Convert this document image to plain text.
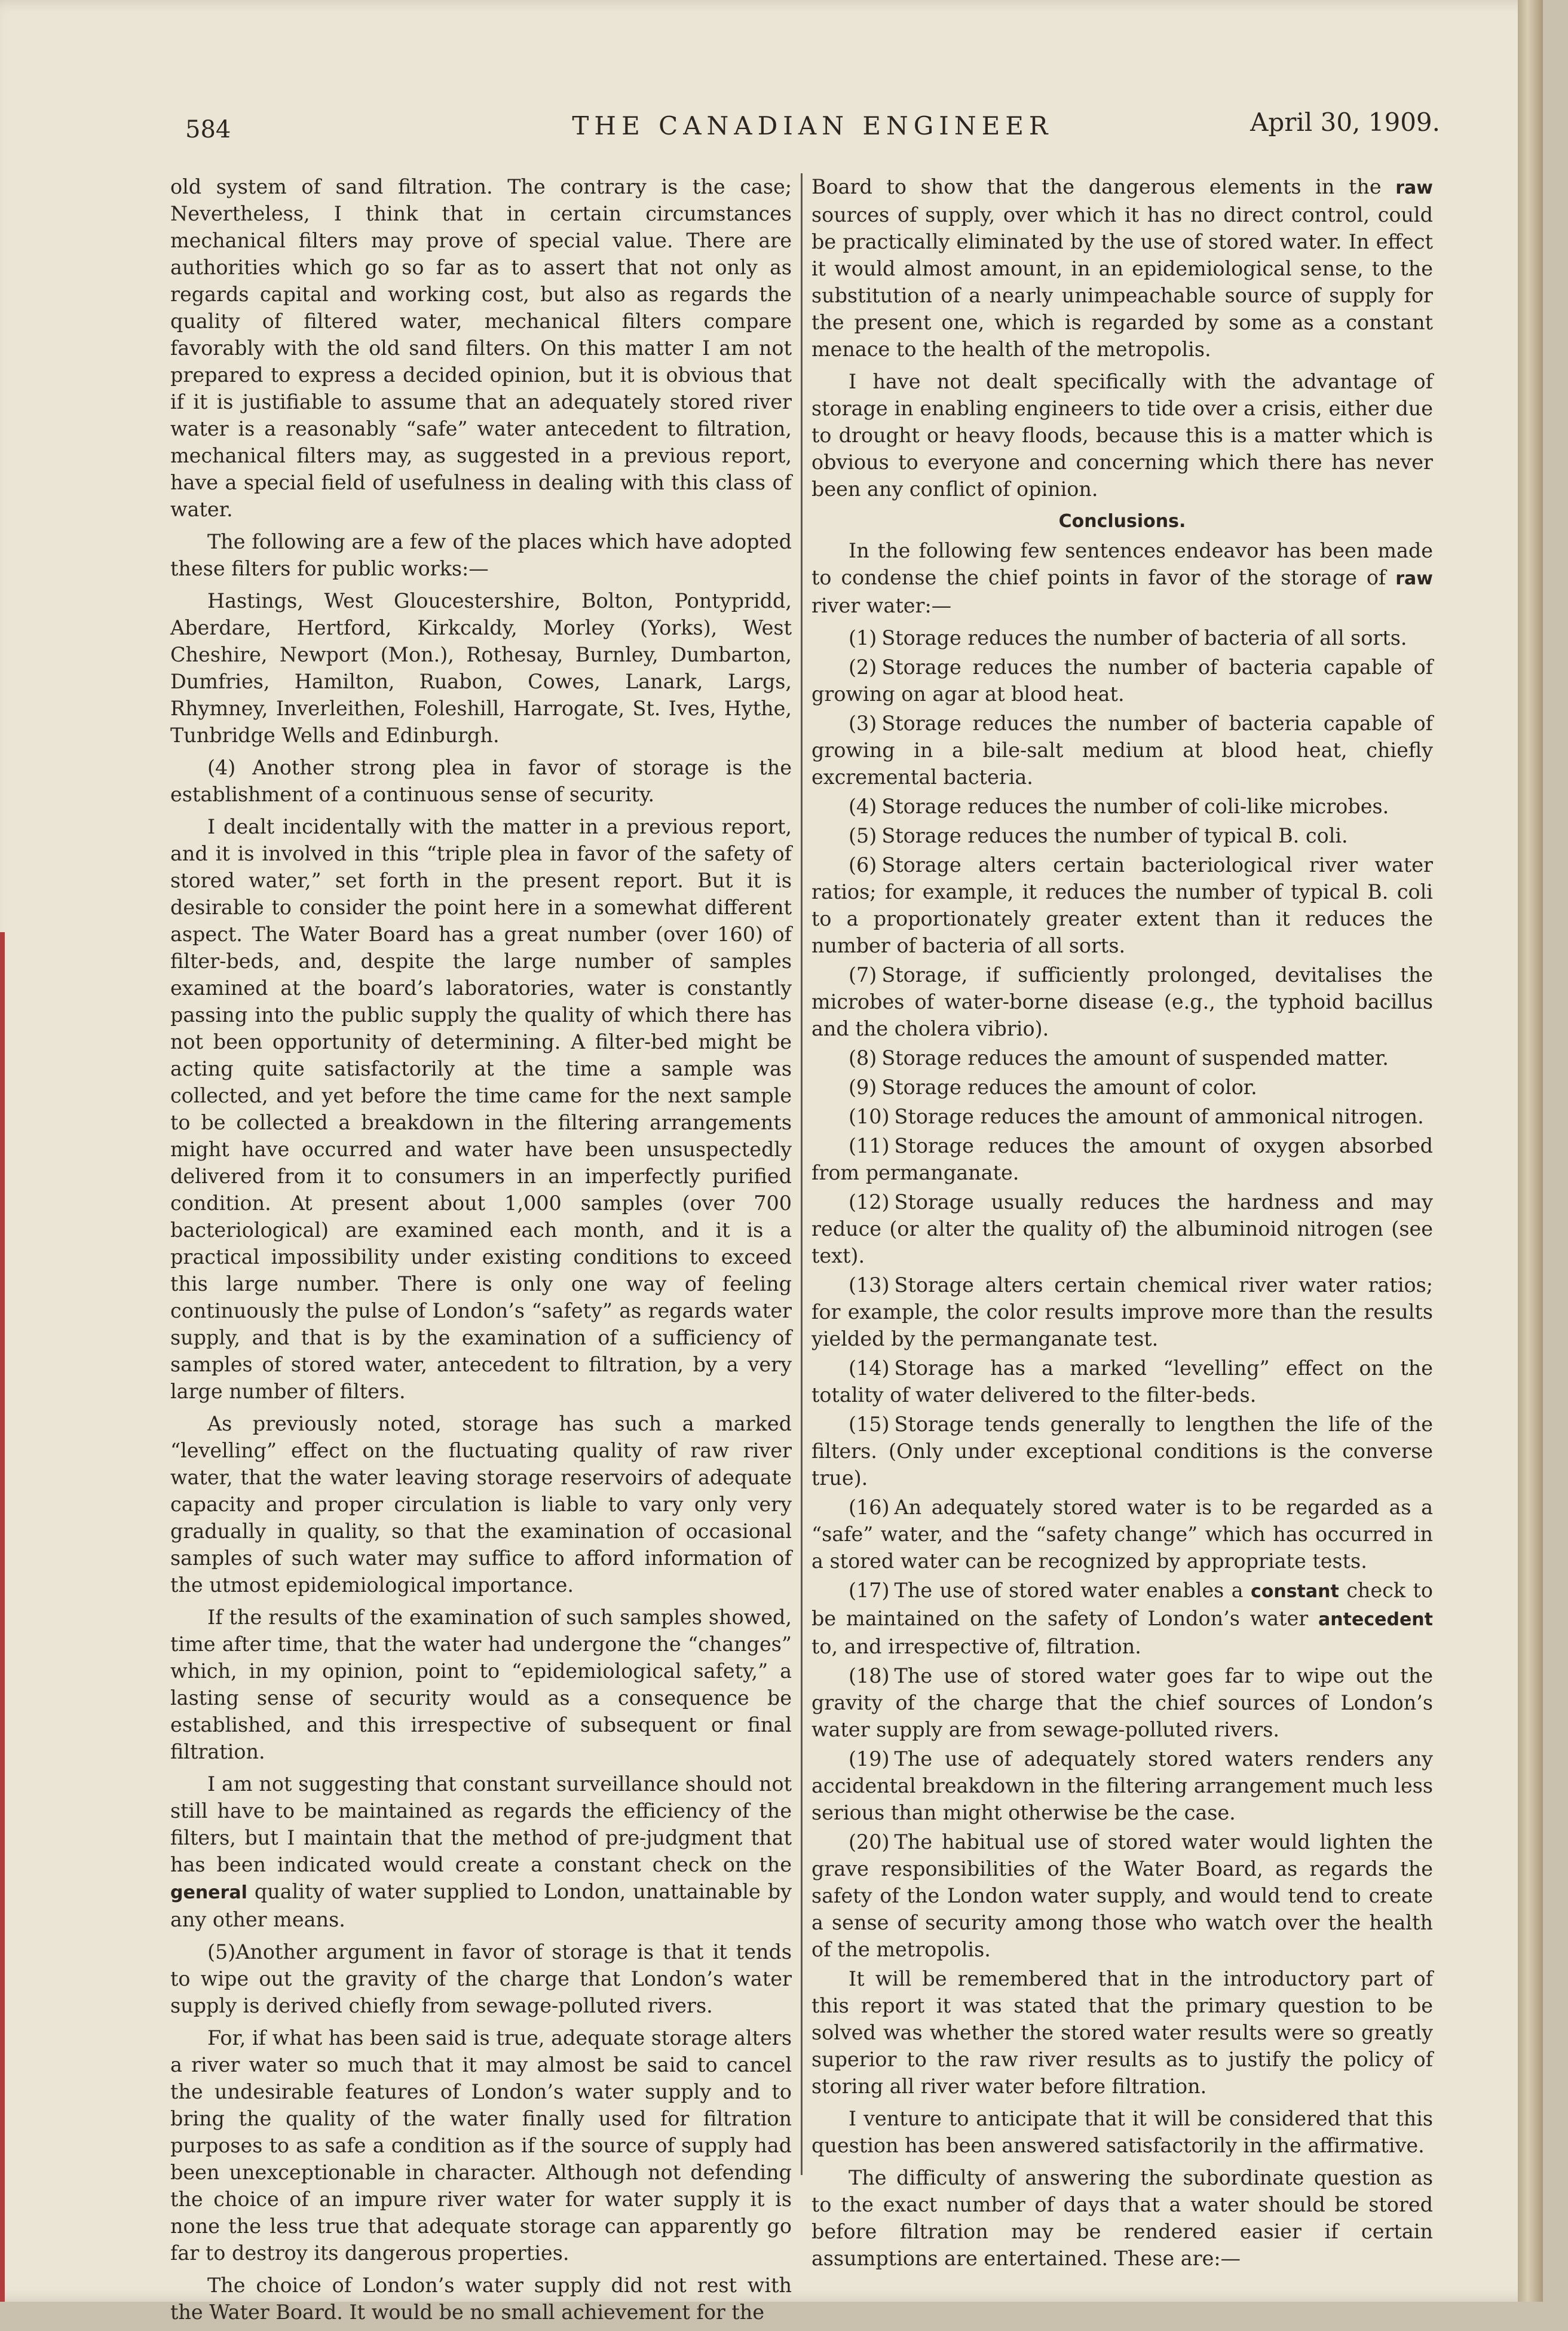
584	THE CANADIAN ENGINEER	April 30, 1909.

old system of sand filtration. The contrary is the case; Nevertheless, I think that in certain circumstances mechanical filters may prove of special value. There are authorities which go so far as to assert that not only as regards capital and working cost, but also as regards the quality of filtered water, mechanical filters compare favorably with the old sand filters. On this matter I am not prepared to express a decided opinion, but it is obvious that if it is justifiable to assume that an adequately stored river water is a reasonably “safe” water antecedent to filtration, mechanical filters may, as suggested in a previous report, have a special field of usefulness in dealing with this class of water.

The following are a few of the places which have adopted these filters for public works:—

Hastings, West Gloucestershire, Bolton, Pontypridd, Aberdare, Hertford, Kirkcaldy, Morley (Yorks), West Cheshire, Newport (Mon.), Rothesay, Burnley, Dumbarton, Dumfries, Hamilton, Ruabon, Cowes, Lanark, Largs, Rhymney, Inverleithen, Foleshill, Harrogate, St. Ives, Hythe, Tunbridge Wells and Edinburgh.

(4) Another strong plea in favor of storage is the establishment of a continuous sense of security.

I dealt incidentally with the matter in a previous report, and it is involved in this “triple plea in favor of the safety of stored water,” set forth in the present report. But it is desirable to consider the point here in a somewhat different aspect. The Water Board has a great number (over 160) of filter-beds, and, despite the large number of samples examined at the board’s laboratories, water is constantly passing into the public supply the quality of which there has not been opportunity of determining. A filter-bed might be acting quite satisfactorily at the time a sample was collected, and yet before the time came for the next sample to be collected a breakdown in the filtering arrangements might have occurred and water have been unsuspectedly delivered from it to consumers in an imperfectly purified condition. At present about 1,000 samples (over 700 bacteriological) are examined each month, and it is a practical impossibility under existing conditions to exceed this large number. There is only one way of feeling continuously the pulse of London’s “safety” as regards water supply, and that is by the examination of a sufficiency of samples of stored water, antecedent to filtration, by a very large number of filters.

As previously noted, storage has such a marked “levelling” effect on the fluctuating quality of raw river water, that the water leaving storage reservoirs of adequate capacity and proper circulation is liable to vary only very gradually in quality, so that the examination of occasional samples of such water may suffice to afford information of the utmost epidemiological importance.

If the results of the examination of such samples showed, time after time, that the water had undergone the “changes” which, in my opinion, point to “epidemiological safety,” a lasting sense of security would as a consequence be established, and this irrespective of subsequent or final filtration.

I am not suggesting that constant surveillance should not still have to be maintained as regards the efficiency of the filters, but I maintain that the method of pre-judgment that has been indicated would create a constant check on the general quality of water supplied to London, unattainable by any other means.

(5)Another argument in favor of storage is that it tends to wipe out the gravity of the charge that London’s water supply is derived chiefly from sewage-polluted rivers.

For, if what has been said is true, adequate storage alters a river water so much that it may almost be said to cancel the undesirable features of London’s water supply and to bring the quality of the water finally used for filtration purposes to as safe a condition as if the source of supply had been unexceptionable in character. Although not defending the choice of an impure river water for water supply it is none the less true that adequate storage can apparently go far to destroy its dangerous properties.

The choice of London’s water supply did not rest with the Water Board. It would be no small achievement for the

Board to show that the dangerous elements in the raw sources of supply, over which it has no direct control, could be practically eliminated by the use of stored water. In effect it would almost amount, in an epidemiological sense, to the substitution of a nearly unimpeachable source of supply for the present one, which is regarded by some as a constant menace to the health of the metropolis.

I have not dealt specifically with the advantage of storage in enabling engineers to tide over a crisis, either due to drought or heavy floods, because this is a matter which is obvious to everyone and concerning which there has never been any conflict of opinion.

Conclusions.

In the following few sentences endeavor has been made to condense the chief points in favor of the storage of raw river water:—

(1) Storage reduces the number of bacteria of all sorts.

(2) Storage reduces the number of bacteria capable of growing on agar at blood heat.

(3) Storage reduces the number of bacteria capable of growing in a bile-salt medium at blood heat, chiefly excremental bacteria.

(4) Storage reduces the number of coli-like microbes.

(5) Storage reduces the number of typical B. coli.

(6) Storage alters certain bacteriological river water ratios; for example, it reduces the number of typical B. coli to a proportionately greater extent than it reduces the number of bacteria of all sorts.

(7) Storage, if sufficiently prolonged, devitalises the microbes of water-borne disease (e.g., the typhoid bacillus and the cholera vibrio).

(8) Storage reduces the amount of suspended matter.

(9) Storage reduces the amount of color.

(10) Storage reduces the amount of ammonical nitrogen.

(11) Storage reduces the amount of oxygen absorbed from permanganate.

(12) Storage usually reduces the hardness and may reduce (or alter the quality of) the albuminoid nitrogen (see text).

(13) Storage alters certain chemical river water ratios; for example, the color results improve more than the results yielded by the permanganate test.

(14) Storage has a marked “levelling” effect on the totality of water delivered to the filter-beds.

(15) Storage tends generally to lengthen the life of the filters. (Only under exceptional conditions is the converse true).

(16) An adequately stored water is to be regarded as a “safe” water, and the “safety change” which has occurred in a stored water can be recognized by appropriate tests.

(17) The use of stored water enables a constant check to be maintained on the safety of London’s water antecedent to, and irrespective of, filtration.

(18) The use of stored water goes far to wipe out the gravity of the charge that the chief sources of London’s water supply are from sewage-polluted rivers.

(19) The use of adequately stored waters renders any accidental breakdown in the filtering arrangement much less serious than might otherwise be the case.

(20) The habitual use of stored water would lighten the grave responsibilities of the Water Board, as regards the safety of the London water supply, and would tend to create a sense of security among those who watch over the health of the metropolis.

It will be remembered that in the introductory part of this report it was stated that the primary question to be solved was whether the stored water results were so greatly superior to the raw river results as to justify the policy of storing all river water before filtration.

I venture to anticipate that it will be considered that this question has been answered satisfactorily in the affirmative.

The difficulty of answering the subordinate question as to the exact number of days that a water should be stored before filtration may be rendered easier if certain assumptions are entertained. These are:—
